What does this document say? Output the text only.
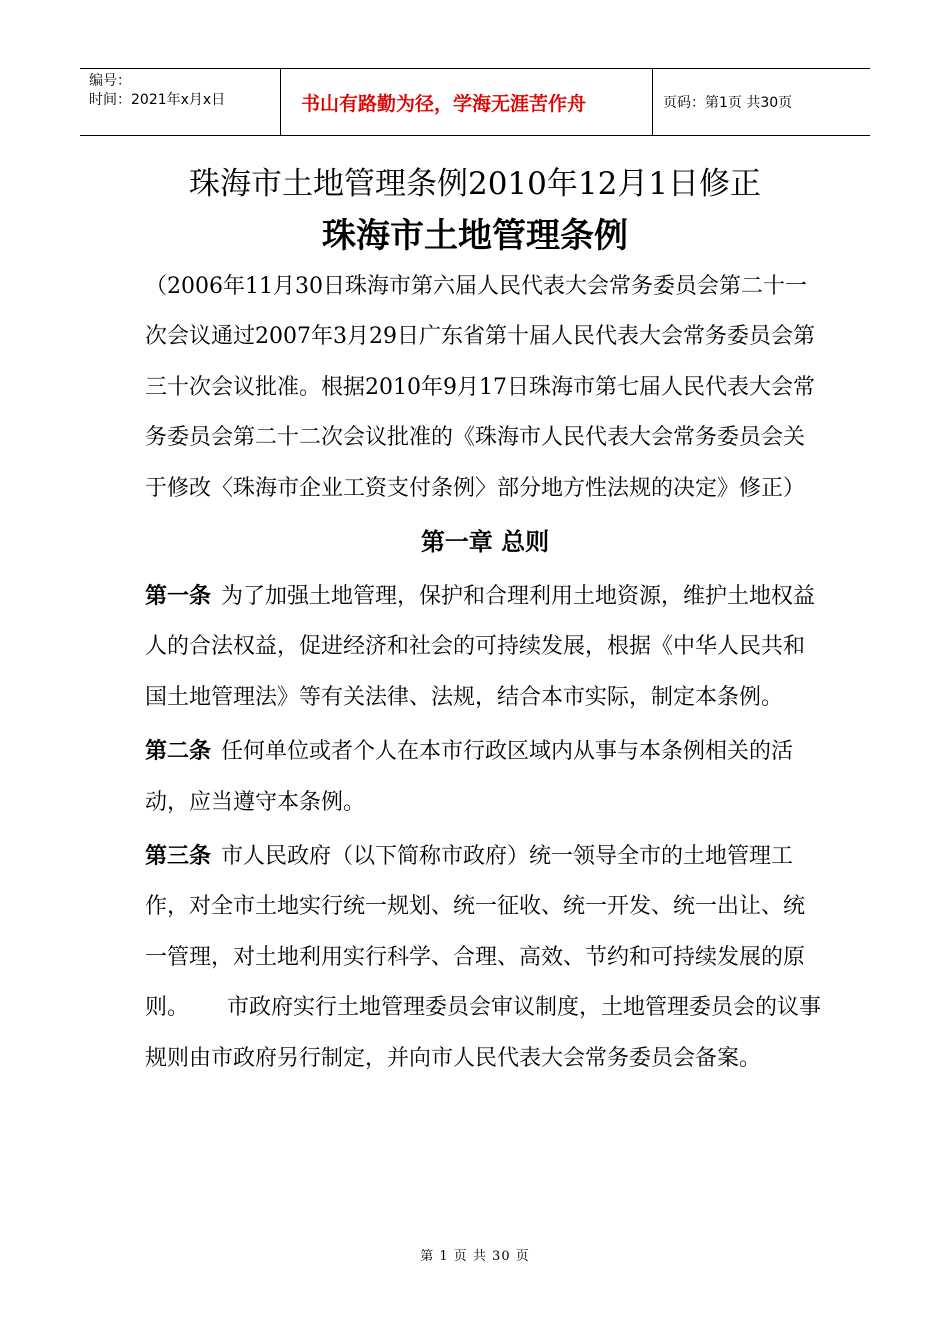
编号：
时间：2021年x月x日	书山有路勤为径，学海无涯苦作舟	页码：第1页 共30页
珠海市土地管理条例2010年12月1日修正
珠海市土地管理条例

（2006年11月30日珠海市第六届人民代表大会常务委员会第二十一次会议通过2007年3月29日广东省第十届人民代表大会常务委员会第三十次会议批准。根据2010年9月17日珠海市第七届人民代表大会常务委员会第二十二次会议批准的《珠海市人民代表大会常务委员会关于修改〈珠海市企业工资支付条例〉部分地方性法规的决定》修正）

第一章 总则

第一条 为了加强土地管理，保护和合理利用土地资源，维护土地权益人的合法权益，促进经济和社会的可持续发展，根据《中华人民共和国土地管理法》等有关法律、法规，结合本市实际，制定本条例。

第二条 任何单位或者个人在本市行政区域内从事与本条例相关的活动，应当遵守本条例。

第三条 市人民政府（以下简称市政府）统一领导全市的土地管理工作，对全市土地实行统一规划、统一征收、统一开发、统一出让、统一管理，对土地利用实行科学、合理、高效、节约和可持续发展的原则。 市政府实行土地管理委员会审议制度，土地管理委员会的议事规则由市政府另行制定，并向市人民代表大会常务委员会备案。

第 1 页 共 30 页
